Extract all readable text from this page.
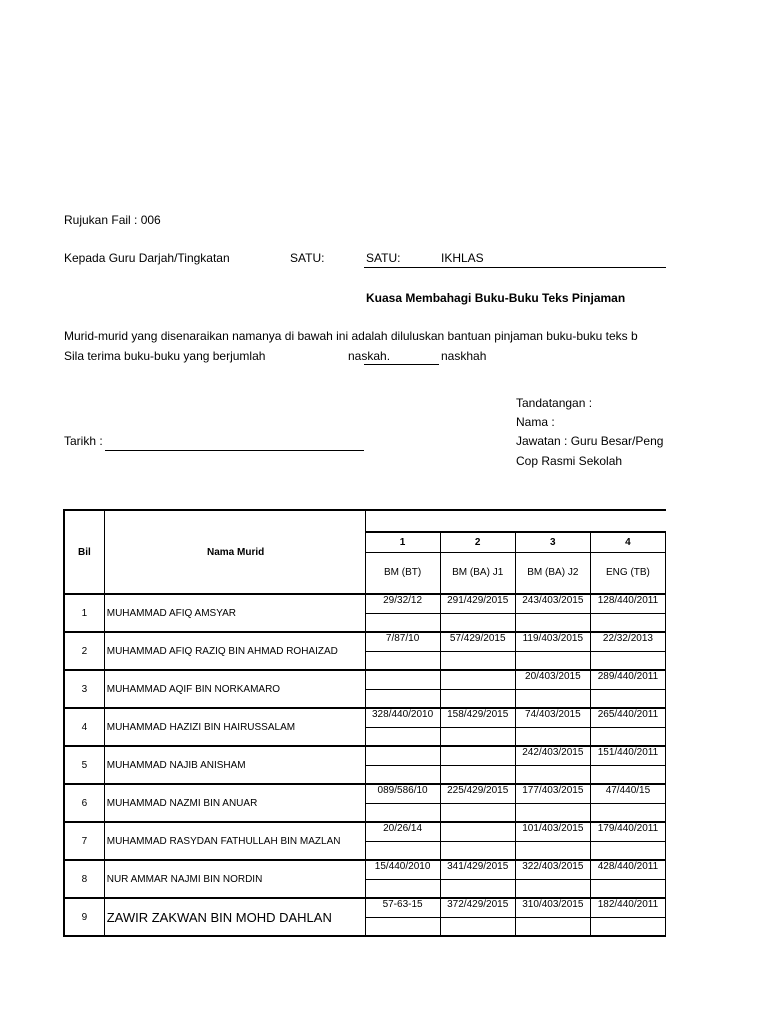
Rujukan Fail : 006
Kepada Guru Darjah/Tingkatan	SATU:	SATU:	IKHLAS
Kuasa Membahagi Buku-Buku Teks Pinjaman
Murid-murid yang disenaraikan namanya di bawah ini adalah diluluskan bantuan pinjaman buku-buku teks b
Sila terima buku-buku yang berjumlah	naskah.	naskhah
Tandatangan :
Nama :
Jawatan : Guru Besar/Peng
Cop Rasmi Sekolah
Tarikh :
Bil	Nama Murid				
		1	2	3	4
		BM (BT)	BM (BA) J1	BM (BA) J2	ENG (TB)
1	MUHAMMAD AFIQ AMSYAR	29/32/12	291/429/2015	243/403/2015	128/440/2011

2	MUHAMMAD AFIQ RAZIQ BIN AHMAD ROHAIZAD	7/87/10	57/429/2015	119/403/2015	22/32/2013

3	MUHAMMAD AQIF BIN NORKAMARO			20/403/2015	289/440/2011

4	MUHAMMAD HAZIZI BIN HAIRUSSALAM	328/440/2010	158/429/2015	74/403/2015	265/440/2011

5	MUHAMMAD NAJIB ANISHAM			242/403/2015	151/440/2011

6	MUHAMMAD NAZMI BIN ANUAR	089/586/10	225/429/2015	177/403/2015	47/440/15

7	MUHAMMAD RASYDAN FATHULLAH BIN MAZLAN	20/26/14		101/403/2015	179/440/2011

8	NUR AMMAR NAJMI BIN NORDIN	15/440/2010	341/429/2015	322/403/2015	428/440/2011

9	ZAWIR ZAKWAN BIN MOHD DAHLAN	57-63-15	372/429/2015	310/403/2015	182/440/2011
